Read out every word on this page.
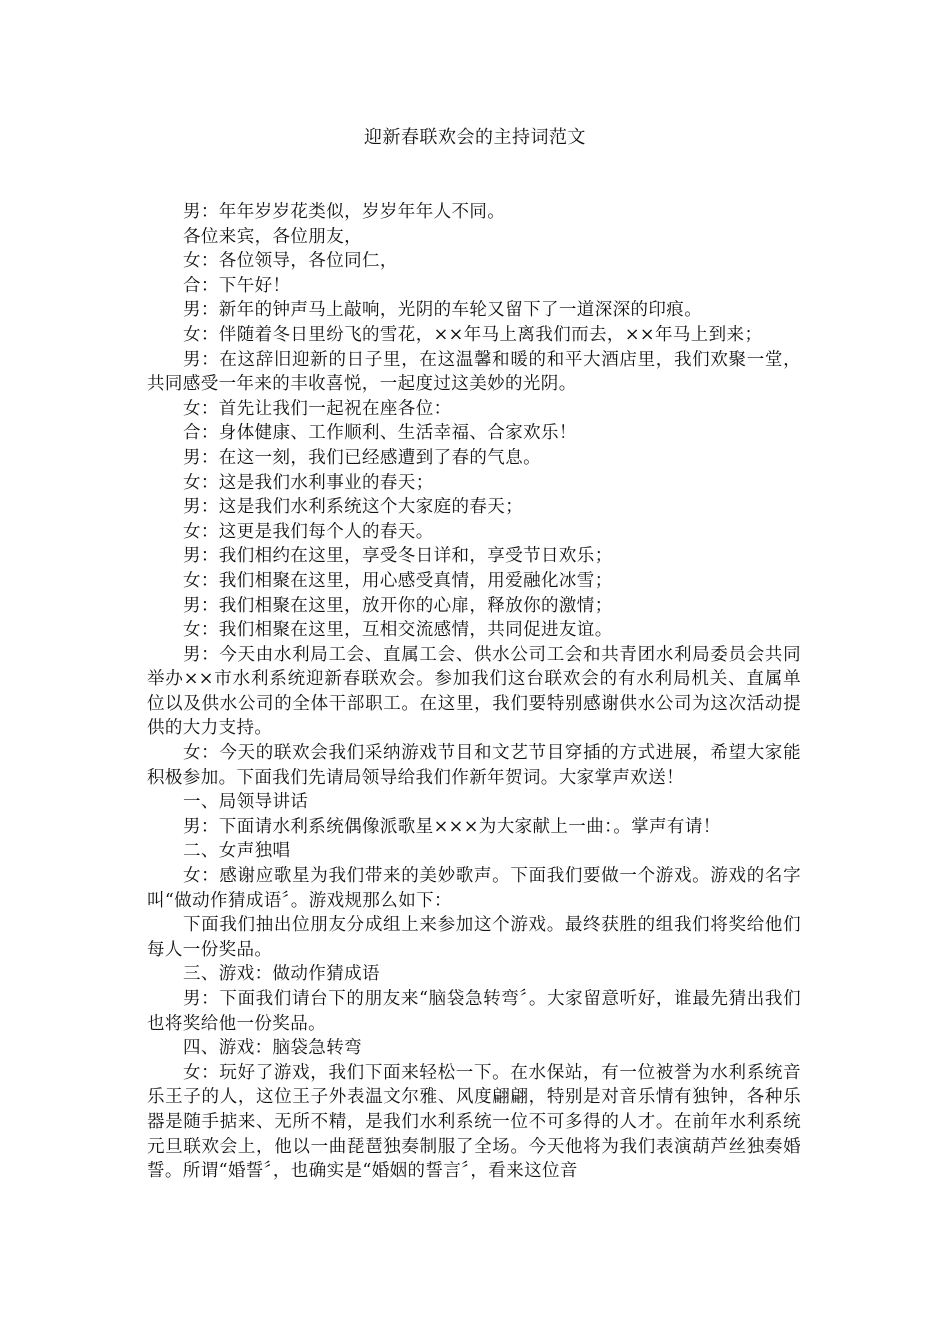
迎新春联欢会的主持词范文

男：年年岁岁花类似，岁岁年年人不同。

各位来宾，各位朋友，

女：各位领导，各位同仁，

合：下午好！

男：新年的钟声马上敲响，光阴的车轮又留下了一道深深的印痕。

女：伴随着冬日里纷飞的雪花，××年马上离我们而去，××年马上到来；

男：在这辞旧迎新的日子里，在这温馨和暖的和平大酒店里，我们欢聚一堂，共同感受一年来的丰收喜悦，一起度过这美妙的光阴。

女：首先让我们一起祝在座各位：

合：身体健康、工作顺利、生活幸福、合家欢乐！

男：在这一刻，我们已经感遭到了春的气息。

女：这是我们水利事业的春天；

男：这是我们水利系统这个大家庭的春天；

女：这更是我们每个人的春天。

男：我们相约在这里，享受冬日详和，享受节日欢乐；

女：我们相聚在这里，用心感受真情，用爱融化冰雪；

男：我们相聚在这里，放开你的心扉，释放你的激情；

女：我们相聚在这里，互相交流感情，共同促进友谊。

男：今天由水利局工会、直属工会、供水公司工会和共青团水利局委员会共同举办××市水利系统迎新春联欢会。参加我们这台联欢会的有水利局机关、直属单位以及供水公司的全体干部职工。在这里，我们要特别感谢供水公司为这次活动提供的大力支持。

女：今天的联欢会我们采纳游戏节目和文艺节目穿插的方式进展，希望大家能积极参加。下面我们先请局领导给我们作新年贺词。大家掌声欢送！

一、局领导讲话

男：下面请水利系统偶像派歌星×××为大家献上一曲：。掌声有请！

二、女声独唱

女：感谢应歌星为我们带来的美妙歌声。下面我们要做一个游戏。游戏的名字叫“做动作猜成语〞。游戏规那么如下：

下面我们抽出位朋友分成组上来参加这个游戏。最终获胜的组我们将奖给他们每人一份奖品。

三、游戏：做动作猜成语

男：下面我们请台下的朋友来“脑袋急转弯〞。大家留意听好，谁最先猜出我们也将奖给他一份奖品。

四、游戏：脑袋急转弯

女：玩好了游戏，我们下面来轻松一下。在水保站，有一位被誉为水利系统音乐王子的人，这位王子外表温文尔雅、风度翩翩，特别是对音乐情有独钟，各种乐器是随手掂来、无所不精，是我们水利系统一位不可多得的人才。在前年水利系统元旦联欢会上，他以一曲琵琶独奏制服了全场。今天他将为我们表演葫芦丝独奏婚誓。所谓“婚誓〞，也确实是“婚姻的誓言〞，看来这位音
